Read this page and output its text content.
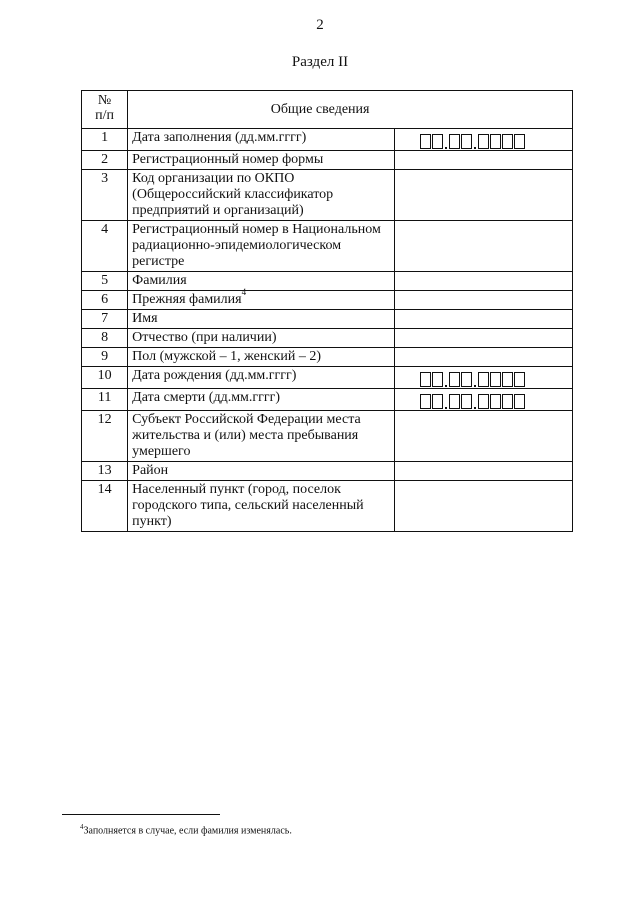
2
Раздел II
№
п/п	Общие сведения	
1	Дата заполнения (дд.мм.гггг)	

2	Регистрационный номер формы	
3	Код организации по ОКПО (Общероссийский классификатор предприятий и организаций)	
4	Регистрационный номер в Национальном радиационно-эпидемиологическом регистре	
5	Фамилия	
6	Прежняя фамилия$^4$	
7	Имя	
8	Отчество (при наличии)	
9	Пол (мужской – 1, женский – 2)	
10	Дата рождения (дд.мм.гггг)	

11	Дата смерти (дд.мм.гггг)	

12	Субъект Российской Федерации места жительства и (или) места пребывания умершего	
13	Район	
14	Населенный пункт (город, поселок городского типа, сельский населенный пункт)	
$^4$Заполняется в случае, если фамилия изменялась.
